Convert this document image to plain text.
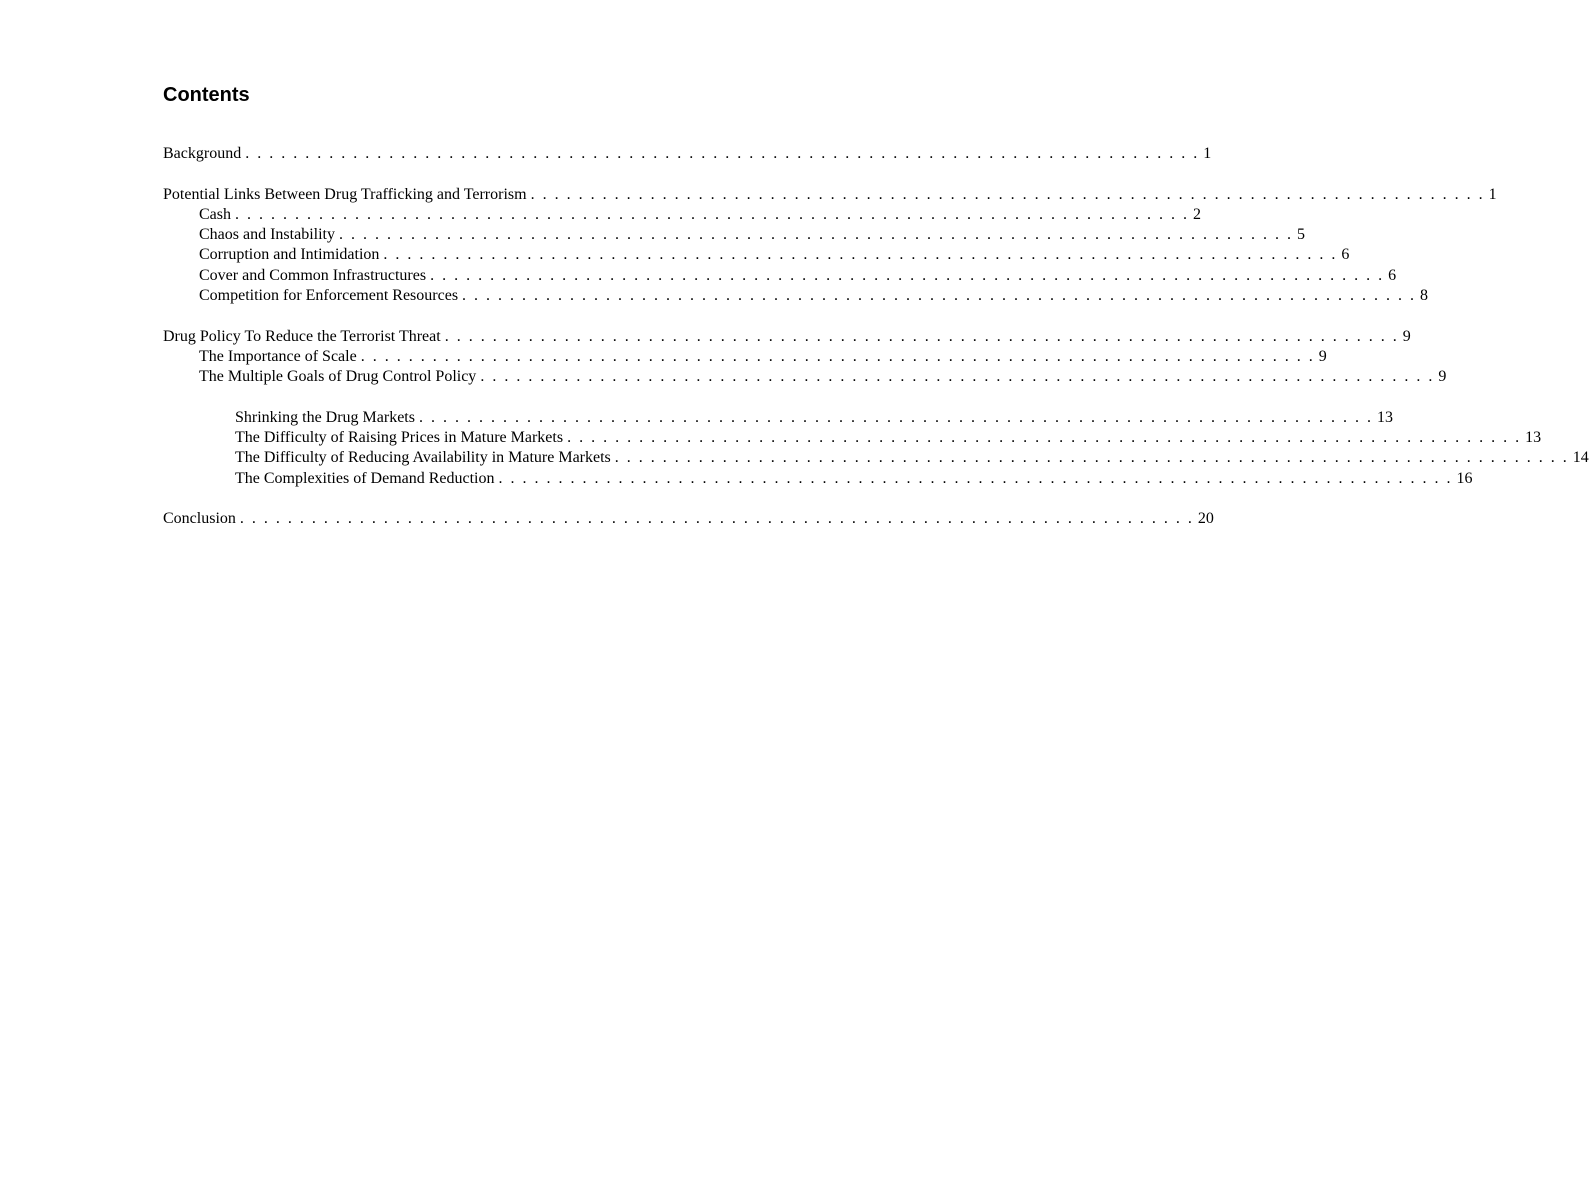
Contents
Background . . . . . . . . . . . . . . . . . . . . . . . . . . . . . . . . . . . . . . . . . . . . . . . . . . . . . . . . . . . . . . . . . . . . . . . . . . . . . . . . 1
Potential Links Between Drug Trafficking and Terrorism . . . . . . . . . . . . . . . . . . . . . . . . . . . . . . . . . . . . . . . . . . . . . . . . . . . . . . . . . . . . . . . . . . . . . . . . . . . . . . . . 1
Cash . . . . . . . . . . . . . . . . . . . . . . . . . . . . . . . . . . . . . . . . . . . . . . . . . . . . . . . . . . . . . . . . . . . . . . . . . . . . . . . . 2
Chaos and Instability . . . . . . . . . . . . . . . . . . . . . . . . . . . . . . . . . . . . . . . . . . . . . . . . . . . . . . . . . . . . . . . . . . . . . . . . . . . . . . . . 5
Corruption and Intimidation . . . . . . . . . . . . . . . . . . . . . . . . . . . . . . . . . . . . . . . . . . . . . . . . . . . . . . . . . . . . . . . . . . . . . . . . . . . . . . . . 6
Cover and Common Infrastructures . . . . . . . . . . . . . . . . . . . . . . . . . . . . . . . . . . . . . . . . . . . . . . . . . . . . . . . . . . . . . . . . . . . . . . . . . . . . . . . . 6
Competition for Enforcement Resources . . . . . . . . . . . . . . . . . . . . . . . . . . . . . . . . . . . . . . . . . . . . . . . . . . . . . . . . . . . . . . . . . . . . . . . . . . . . . . . . 8
Drug Policy To Reduce the Terrorist Threat . . . . . . . . . . . . . . . . . . . . . . . . . . . . . . . . . . . . . . . . . . . . . . . . . . . . . . . . . . . . . . . . . . . . . . . . . . . . . . . . 9
The Importance of Scale . . . . . . . . . . . . . . . . . . . . . . . . . . . . . . . . . . . . . . . . . . . . . . . . . . . . . . . . . . . . . . . . . . . . . . . . . . . . . . . . 9
The Multiple Goals of Drug Control Policy . . . . . . . . . . . . . . . . . . . . . . . . . . . . . . . . . . . . . . . . . . . . . . . . . . . . . . . . . . . . . . . . . . . . . . . . . . . . . . . . 9
Shrinking the Drug Markets . . . . . . . . . . . . . . . . . . . . . . . . . . . . . . . . . . . . . . . . . . . . . . . . . . . . . . . . . . . . . . . . . . . . . . . . . . . . . . . . 13
The Difficulty of Raising Prices in Mature Markets . . . . . . . . . . . . . . . . . . . . . . . . . . . . . . . . . . . . . . . . . . . . . . . . . . . . . . . . . . . . . . . . . . . . . . . . . . . . . . . . 13
The Difficulty of Reducing Availability in Mature Markets . . . . . . . . . . . . . . . . . . . . . . . . . . . . . . . . . . . . . . . . . . . . . . . . . . . . . . . . . . . . . . . . . . . . . . . . . . . . . . . . 14
The Complexities of Demand Reduction . . . . . . . . . . . . . . . . . . . . . . . . . . . . . . . . . . . . . . . . . . . . . . . . . . . . . . . . . . . . . . . . . . . . . . . . . . . . . . . . 16
Conclusion . . . . . . . . . . . . . . . . . . . . . . . . . . . . . . . . . . . . . . . . . . . . . . . . . . . . . . . . . . . . . . . . . . . . . . . . . . . . . . . . 20
